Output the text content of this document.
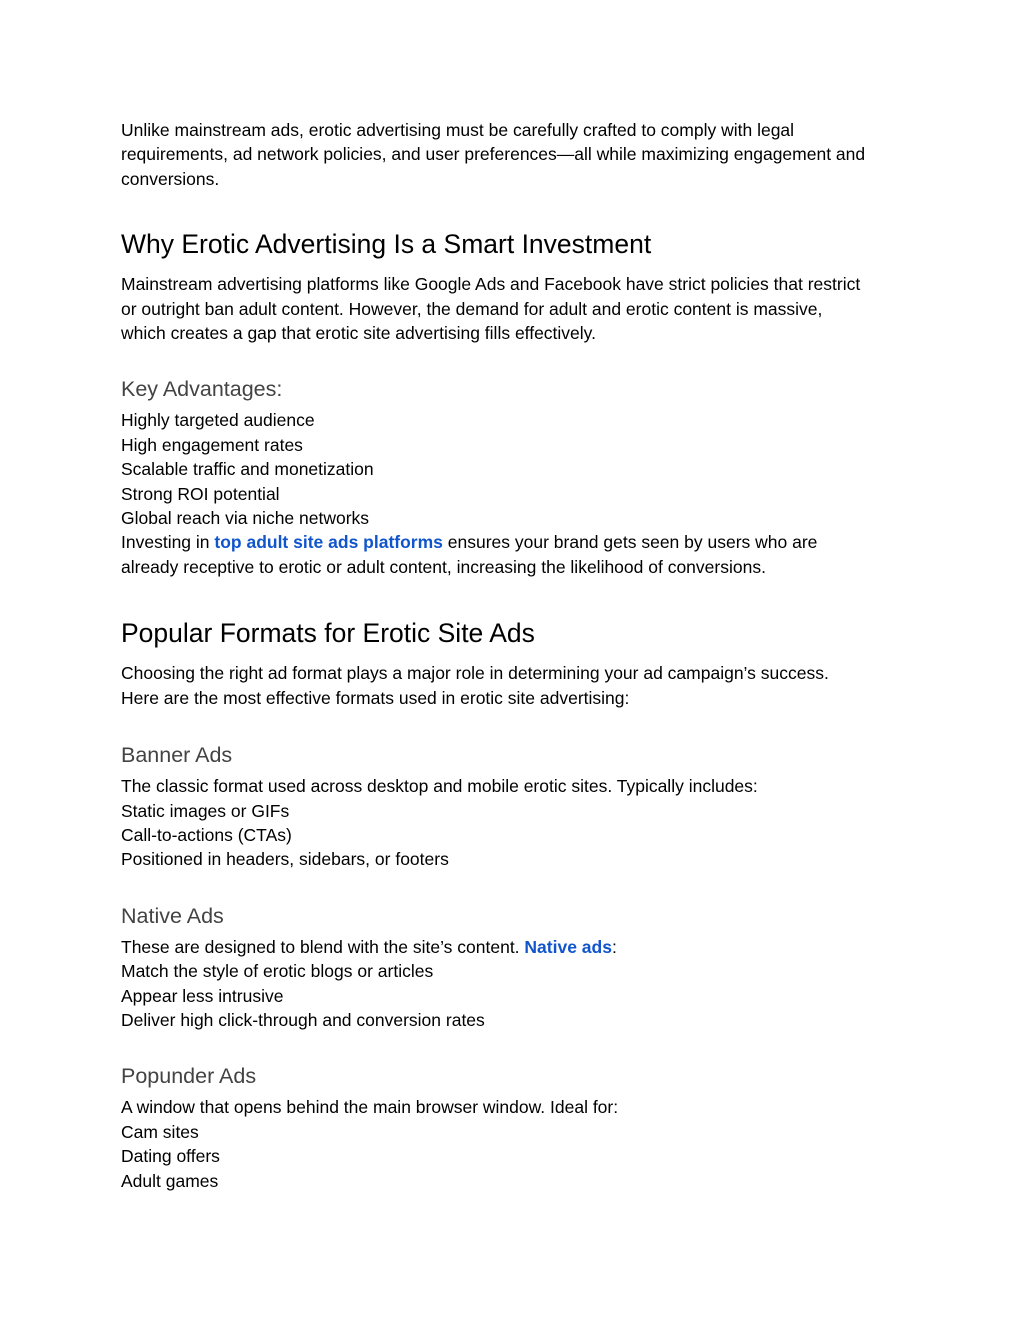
Unlike mainstream ads, erotic advertising must be carefully crafted to comply with legal
requirements, ad network policies, and user preferences—all while maximizing engagement and
conversions.

Why Erotic Advertising Is a Smart Investment

Mainstream advertising platforms like Google Ads and Facebook have strict policies that restrict
or outright ban adult content. However, the demand for adult and erotic content is massive,
which creates a gap that erotic site advertising fills effectively.

Key Advantages:

Highly targeted audience
High engagement rates
Scalable traffic and monetization
Strong ROI potential
Global reach via niche networks
Investing in top adult site ads platforms ensures your brand gets seen by users who are
already receptive to erotic or adult content, increasing the likelihood of conversions.

Popular Formats for Erotic Site Ads

Choosing the right ad format plays a major role in determining your ad campaign’s success.
Here are the most effective formats used in erotic site advertising:

Banner Ads

The classic format used across desktop and mobile erotic sites. Typically includes:
Static images or GIFs
Call-to-actions (CTAs)
Positioned in headers, sidebars, or footers

Native Ads

These are designed to blend with the site’s content. Native ads:
Match the style of erotic blogs or articles
Appear less intrusive
Deliver high click-through and conversion rates

Popunder Ads

A window that opens behind the main browser window. Ideal for:
Cam sites
Dating offers
Adult games
